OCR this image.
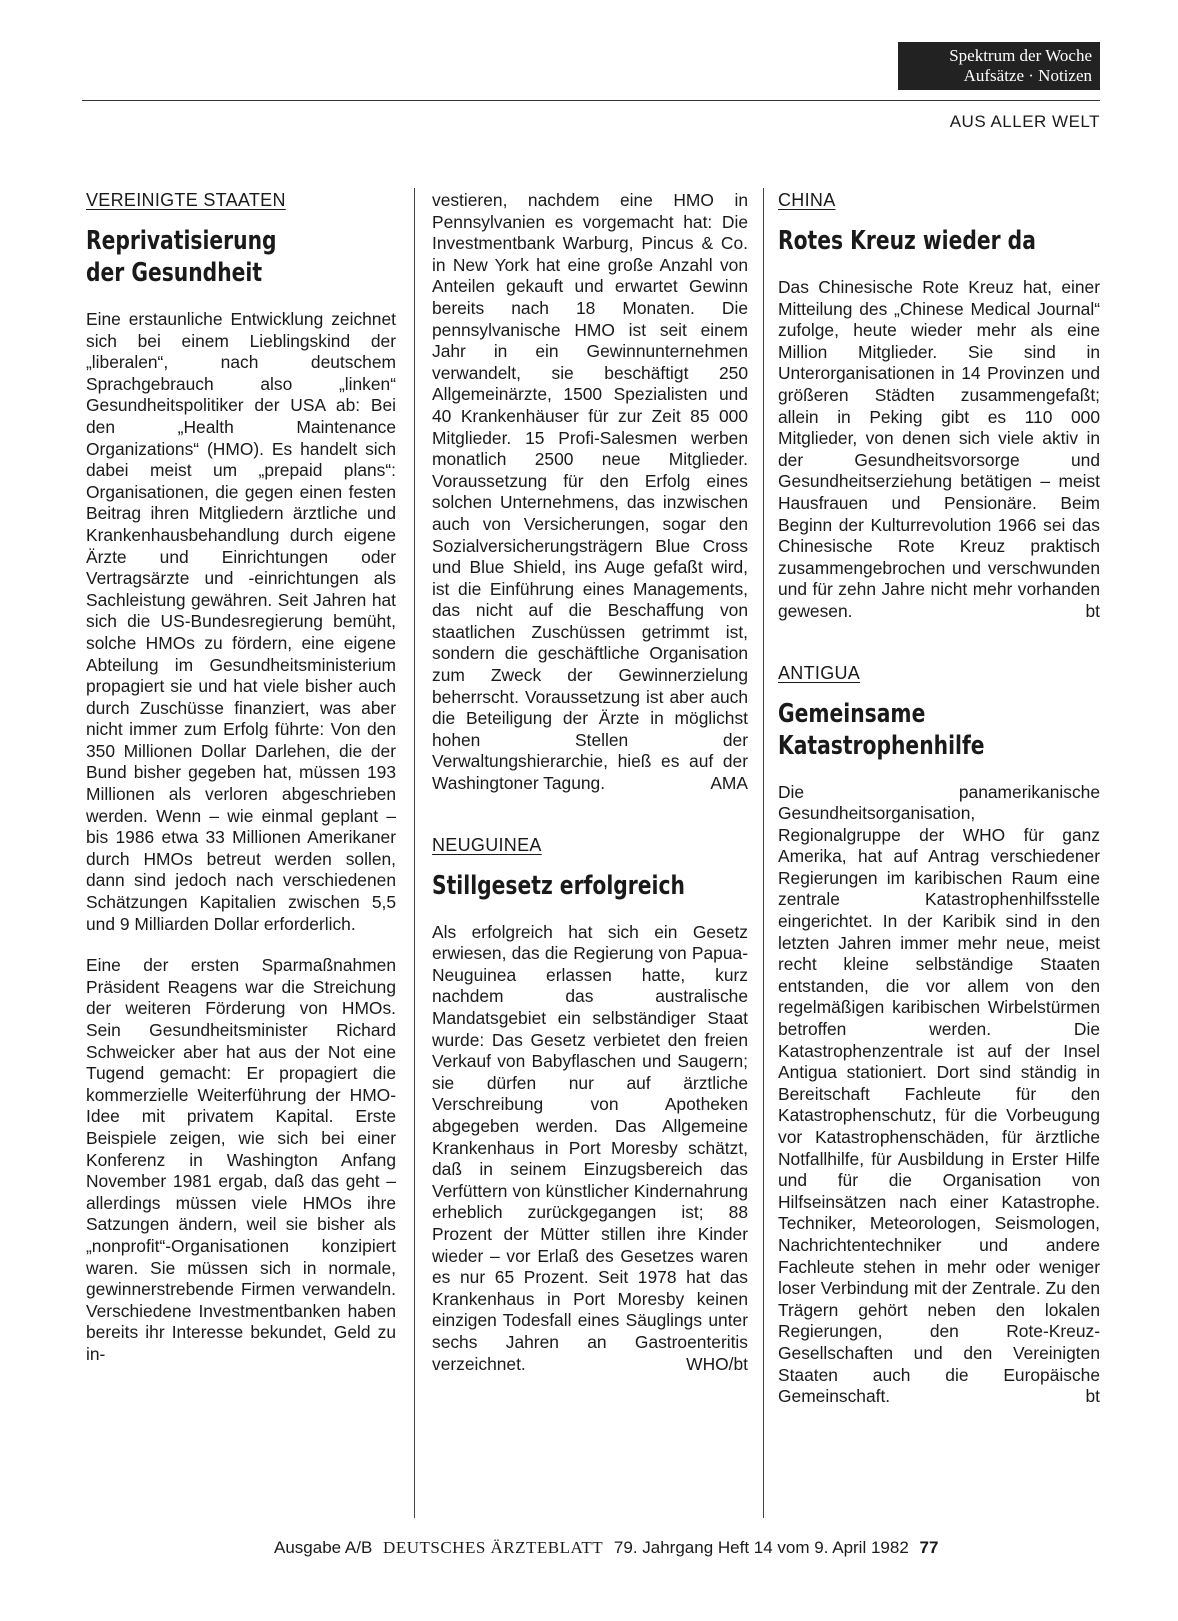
Spektrum der Woche
Aufsätze · Notizen
AUS ALLER WELT
VEREINIGTE STAATEN
Reprivatisierung
der Gesundheit

Eine erstaunliche Entwicklung zeichnet sich bei einem Lieblingskind der „liberalen“, nach deutschem Sprachgebrauch also „linken“ Gesundheitspolitiker der USA ab: Bei den „Health Maintenance Organizations“ (HMO). Es handelt sich dabei meist um „prepaid plans“: Organisationen, die gegen einen festen Beitrag ihren Mitgliedern ärztliche und Krankenhausbehandlung durch eigene Ärzte und Einrichtungen oder Vertragsärzte und -einrichtungen als Sachleistung gewähren. Seit Jahren hat sich die US-Bundesregierung bemüht, solche HMOs zu fördern, eine eigene Abteilung im Gesundheitsministerium propagiert sie und hat viele bisher auch durch Zuschüsse finanziert, was aber nicht immer zum Erfolg führte: Von den 350 Millionen Dollar Darlehen, die der Bund bisher gegeben hat, müssen 193 Millionen als verloren abgeschrieben werden. Wenn – wie einmal geplant – bis 1986 etwa 33 Millionen Amerikaner durch HMOs betreut werden sollen, dann sind jedoch nach verschiedenen Schätzungen Kapitalien zwischen 5,5 und 9 Milliarden Dollar erforderlich.

Eine der ersten Sparmaßnahmen Präsident Reagens war die Streichung der weiteren Förderung von HMOs. Sein Gesundheitsminister Richard Schweicker aber hat aus der Not eine Tugend gemacht: Er propagiert die kommerzielle Weiterführung der HMO-Idee mit privatem Kapital. Erste Beispiele zeigen, wie sich bei einer Konferenz in Washington Anfang November 1981 ergab, daß das geht – allerdings müssen viele HMOs ihre Satzungen ändern, weil sie bisher als „nonprofit“-Organisationen konzipiert waren. Sie müssen sich in normale, gewinnerstrebende Firmen verwandeln. Verschiedene Investmentbanken haben bereits ihr Interesse bekundet, Geld zu in-

vestieren, nachdem eine HMO in Pennsylvanien es vorgemacht hat: Die Investmentbank Warburg, Pincus & Co. in New York hat eine große Anzahl von Anteilen gekauft und erwartet Gewinn bereits nach 18 Monaten. Die pennsylvanische HMO ist seit einem Jahr in ein Gewinnunternehmen verwandelt, sie beschäftigt 250 Allgemeinärzte, 1500 Spezialisten und 40 Krankenhäuser für zur Zeit 85 000 Mitglieder. 15 Profi-Salesmen werben monatlich 2500 neue Mitglieder. Voraussetzung für den Erfolg eines solchen Unternehmens, das inzwischen auch von Versicherungen, sogar den Sozialversicherungsträgern Blue Cross und Blue Shield, ins Auge gefaßt wird, ist die Einführung eines Managements, das nicht auf die Beschaffung von staatlichen Zuschüssen getrimmt ist, sondern die geschäftliche Organisation zum Zweck der Gewinnerzielung beherrscht. Voraussetzung ist aber auch die Beteiligung der Ärzte in möglichst hohen Stellen der Verwaltungshierarchie, hieß es auf der Washingtoner Tagung.	AMA
NEUGUINEA
Stillgesetz erfolgreich

Als erfolgreich hat sich ein Gesetz erwiesen, das die Regierung von Papua-Neuguinea erlassen hatte, kurz nachdem das australische Mandatsgebiet ein selbständiger Staat wurde: Das Gesetz verbietet den freien Verkauf von Babyflaschen und Saugern; sie dürfen nur auf ärztliche Verschreibung von Apotheken abgegeben werden. Das Allgemeine Krankenhaus in Port Moresby schätzt, daß in seinem Einzugsbereich das Verfüttern von künstlicher Kindernahrung erheblich zurückgegangen ist; 88 Prozent der Mütter stillen ihre Kinder wieder – vor Erlaß des Gesetzes waren es nur 65 Prozent. Seit 1978 hat das Krankenhaus in Port Moresby keinen einzigen Todesfall eines Säuglings unter sechs Jahren an Gastroenteritis verzeichnet.	WHO/bt
CHINA
Rotes Kreuz wieder da

Das Chinesische Rote Kreuz hat, einer Mitteilung des „Chinese Medical Journal“ zufolge, heute wieder mehr als eine Million Mitglieder. Sie sind in Unterorganisationen in 14 Provinzen und größeren Städten zusammengefaßt; allein in Peking gibt es 110 000 Mitglieder, von denen sich viele aktiv in der Gesundheitsvorsorge und Gesundheitserziehung betätigen – meist Hausfrauen und Pensionäre. Beim Beginn der Kulturrevolution 1966 sei das Chinesische Rote Kreuz praktisch zusammengebrochen und verschwunden und für zehn Jahre nicht mehr vorhanden gewesen.	bt
ANTIGUA
Gemeinsame
Katastrophenhilfe

Die panamerikanische Gesundheitsorganisation, Regionalgruppe der WHO für ganz Amerika, hat auf Antrag verschiedener Regierungen im karibischen Raum eine zentrale Katastrophenhilfsstelle eingerichtet. In der Karibik sind in den letzten Jahren immer mehr neue, meist recht kleine selbständige Staaten entstanden, die vor allem von den regelmäßigen karibischen Wirbelstürmen betroffen werden. Die Katastrophenzentrale ist auf der Insel Antigua stationiert. Dort sind ständig in Bereitschaft Fachleute für den Katastrophenschutz, für die Vorbeugung vor Katastrophenschäden, für ärztliche Notfallhilfe, für Ausbildung in Erster Hilfe und für die Organisation von Hilfseinsätzen nach einer Katastrophe. Techniker, Meteorologen, Seismologen, Nachrichtentechniker und andere Fachleute stehen in mehr oder weniger loser Verbindung mit der Zentrale. Zu den Trägern gehört neben den lokalen Regierungen, den Rote-Kreuz-Gesellschaften und den Vereinigten Staaten auch die Europäische Gemeinschaft.	bt
Ausgabe A/B DEUTSCHES ÄRZTEBLATT 79. Jahrgang Heft 14 vom 9. April 1982 77
